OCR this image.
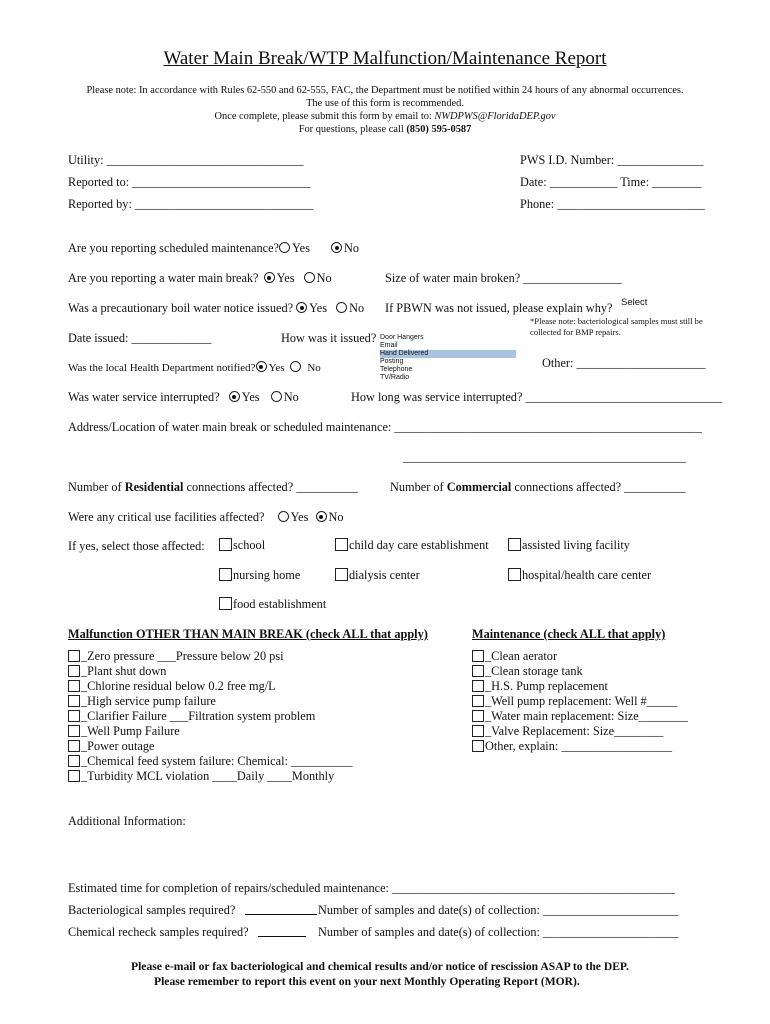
Water Main Break/WTP Malfunction/Maintenance Report
Please note: In accordance with Rules 62-550 and 62-555, FAC, the Department must be notified within 24 hours of any abnormal occurrences.
The use of this form is recommended.
Once complete, please submit this form by email to: NWDPWS@FloridaDEP.gov
For questions, please call (850) 595-0587
Utility: ________________________________	PWS I.D. Number: ______________
Reported to: _____________________________	Date: ___________ Time: ________
Reported by: _____________________________	Phone: ________________________
Are you reporting scheduled maintenance? Yes	No
Are you reporting a water main break? Yes No	Size of water main broken? ________________
Was a precautionary boil water notice issued? Yes No If PBWN was not issued, please explain why? Select
*Please note: bacteriological samples must still be
collected for BMP repairs.
Date issued: _____________	How was it issued? Door Hangers
Email
Hand Delivered
Posting
Telephone
TV/Radio
Was the local Health Department notified? Yes No	Other: _____________________
Was water service interrupted? Yes No	How long was service interrupted? ________________________________
Address/Location of water main break or scheduled maintenance: __________________________________________________
______________________________________________
Number of Residential connections affected? __________	Number of Commercial connections affected? __________
Were any critical use facilities affected? Yes No
If yes, select those affected:	school	child day care establishment	assisted living facility
nursing home	dialysis center	hospital/health care center
food establishment
Malfunction OTHER THAN MAIN BREAK (check ALL that apply)
_Zero pressure ___Pressure below 20 psi
_Plant shut down
_Chlorine residual below 0.2 free mg/L
_High service pump failure
_Clarifier Failure ___Filtration system problem
_Well Pump Failure
_Power outage
_Chemical feed system failure: Chemical: __________
_Turbidity MCL violation ____Daily ____Monthly
Maintenance (check ALL that apply)
_Clean aerator
_Clean storage tank
_H.S. Pump replacement
_Well pump replacement: Well #_____
_Water main replacement: Size________
_Valve Replacement: Size________
Other, explain: __________________
Additional Information:
Estimated time for completion of repairs/scheduled maintenance: ______________________________________________
Bacteriological samples required?	Number of samples and date(s) of collection: ______________________
Chemical recheck samples required?	Number of samples and date(s) of collection: ______________________
Please e-mail or fax bacteriological and chemical results and/or notice of rescission ASAP to the DEP.
Please remember to report this event on your next Monthly Operating Report (MOR).
